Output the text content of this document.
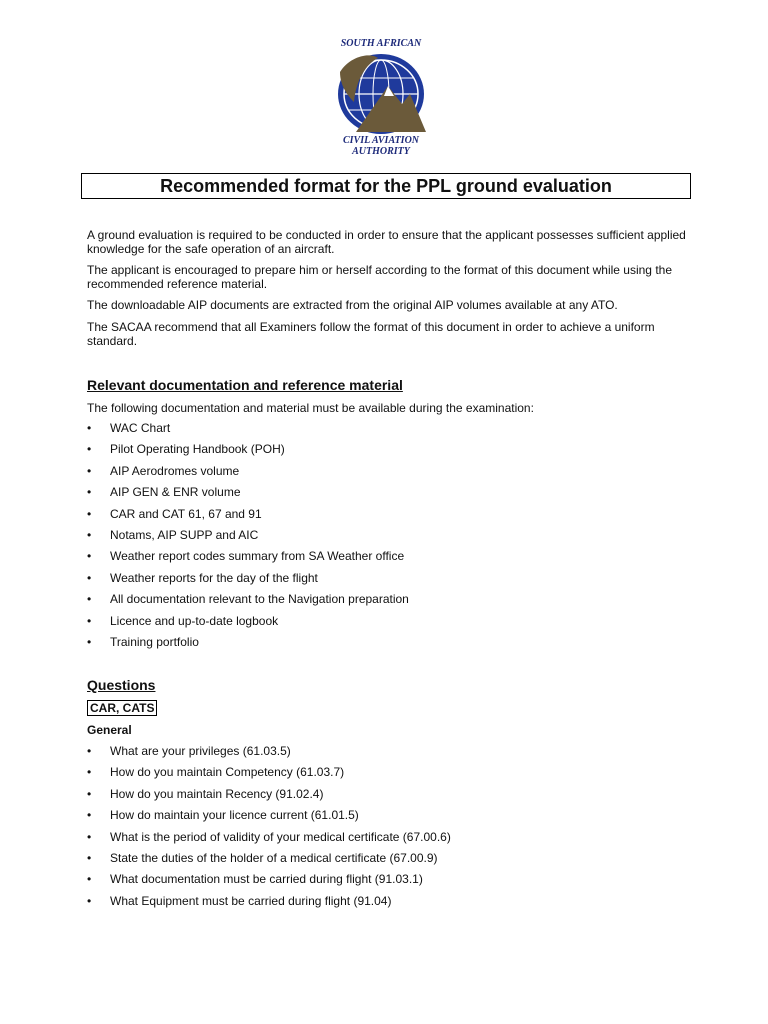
SOUTH AFRICAN
CIVIL AVIATION
AUTHORITY
Recommended format for the PPL ground evaluation
A ground evaluation is required to be conducted in order to ensure that the applicant possesses sufficient applied knowledge for the safe operation of an aircraft.
The applicant is encouraged to prepare him or herself according to the format of this document while using the recommended reference material.
The downloadable AIP documents are extracted from the original AIP volumes available at any ATO.
The SACAA recommend that all Examiners follow the format of this document in order to achieve a uniform standard.
Relevant documentation and reference material
The following documentation and material must be available during the examination:
• WAC Chart
• Pilot Operating Handbook (POH)
• AIP Aerodromes volume
• AIP GEN & ENR volume
• CAR and CAT 61, 67 and 91
• Notams, AIP SUPP and AIC
• Weather report codes summary from SA Weather office
• Weather reports for the day of the flight
• All documentation relevant to the Navigation preparation
• Licence and up-to-date logbook
• Training portfolio
Questions
CAR, CATS
General
• What are your privileges (61.03.5)
• How do you maintain Competency (61.03.7)
• How do you maintain Recency (91.02.4)
• How do maintain your licence current (61.01.5)
• What is the period of validity of your medical certificate (67.00.6)
• State the duties of the holder of a medical certificate (67.00.9)
• What documentation must be carried during flight (91.03.1)
• What Equipment must be carried during flight (91.04)
